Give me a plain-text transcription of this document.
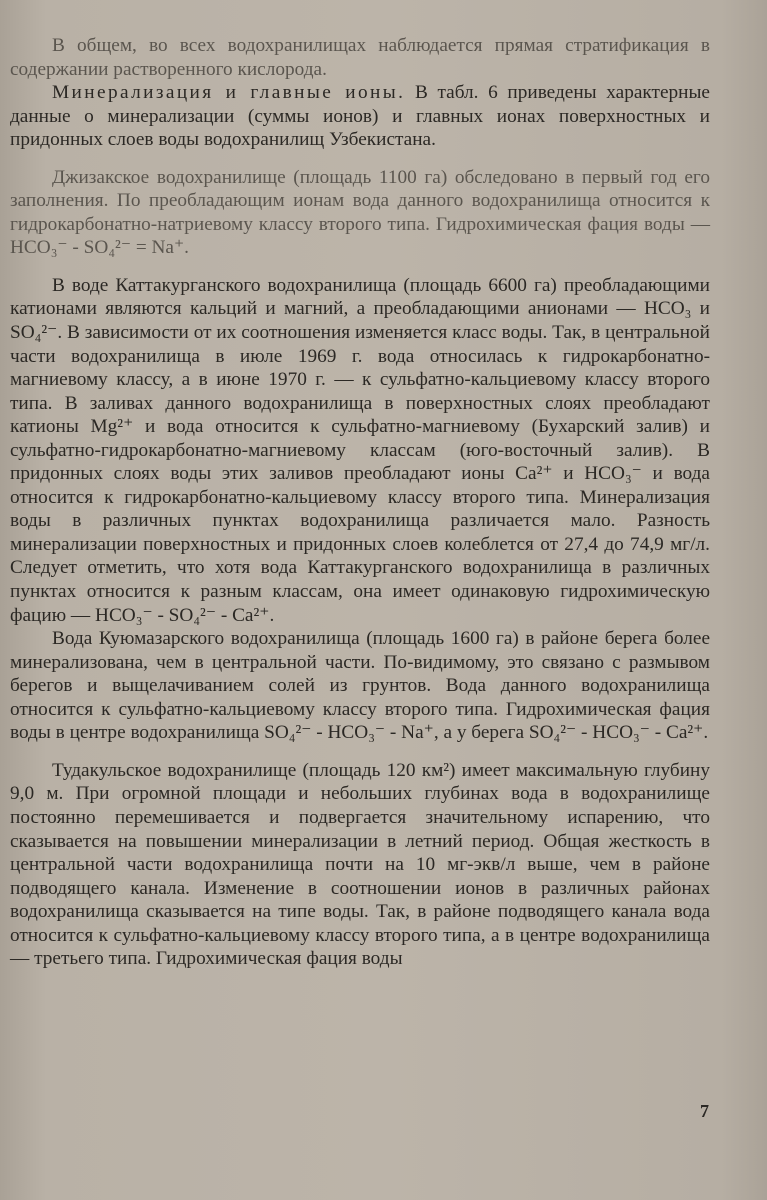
В общем, во всех водохранилищах наблюдается прямая стратификация в содержании растворенного кислорода.

Минерализация и главные ионы. В табл. 6 приведены характерные данные о минерализации (суммы ионов) и главных ионах поверхностных и придонных слоев воды водохранилищ Узбекистана.

Джизакское водохранилище (площадь 1100 га) обследовано в первый год его заполнения. По преобладающим ионам вода данного водохранилища относится к гидрокарбонатно-натриевому классу второго типа. Гидрохимическая фация воды — HCO₃⁻ - SO₄²⁻ = Na⁺.

В воде Каттакурганского водохранилища (площадь 6600 га) преобладающими катионами являются кальций и магний, а преобладающими анионами — HCO₃ и SO₄²⁻. В зависимости от их соотношения изменяется класс воды. Так, в центральной части водохранилища в июле 1969 г. вода относилась к гидрокарбонатно-магниевому классу, а в июне 1970 г. — к сульфатно-кальциевому классу второго типа. В заливах данного водохранилища в поверхностных слоях преобладают катионы Mg²⁺ и вода относится к сульфатно-магниевому (Бухарский залив) и сульфатно-гидрокарбонатно-магниевому классам (юго-восточный залив). В придонных слоях воды этих заливов преобладают ионы Ca²⁺ и HCO₃⁻ и вода относится к гидрокарбонатно-кальциевому классу второго типа. Минерализация воды в различных пунктах водохранилища различается мало. Разность минерализации поверхностных и придонных слоев колеблется от 27,4 до 74,9 мг/л. Следует отметить, что хотя вода Каттакурганского водохранилища в различных пунктах относится к разным классам, она имеет одинаковую гидрохимическую фацию — HCO₃⁻ - SO₄²⁻ - Ca²⁺.

Вода Куюмазарского водохранилища (площадь 1600 га) в районе берега более минерализована, чем в центральной части. По-видимому, это связано с размывом берегов и выщелачиванием солей из грунтов. Вода данного водохранилища относится к сульфатно-кальциевому классу второго типа. Гидрохимическая фация воды в центре водохранилища SO₄²⁻ - HCO₃⁻ - Na⁺, а у берега SO₄²⁻ - HCO₃⁻ - Ca²⁺.

Тудакульское водохранилище (площадь 120 км²) имеет максимальную глубину 9,0 м. При огромной площади и небольших глубинах вода в водохранилище постоянно перемешивается и подвергается значительному испарению, что сказывается на повышении минерализации в летний период. Общая жесткость в центральной части водохранилища почти на 10 мг-экв/л выше, чем в районе подводящего канала. Изменение в соотношении ионов в различных районах водохранилища сказывается на типе воды. Так, в районе подводящего канала вода относится к сульфатно-кальциевому классу второго типа, а в центре водохранилища — третьего типа. Гидрохимическая фация воды

7
